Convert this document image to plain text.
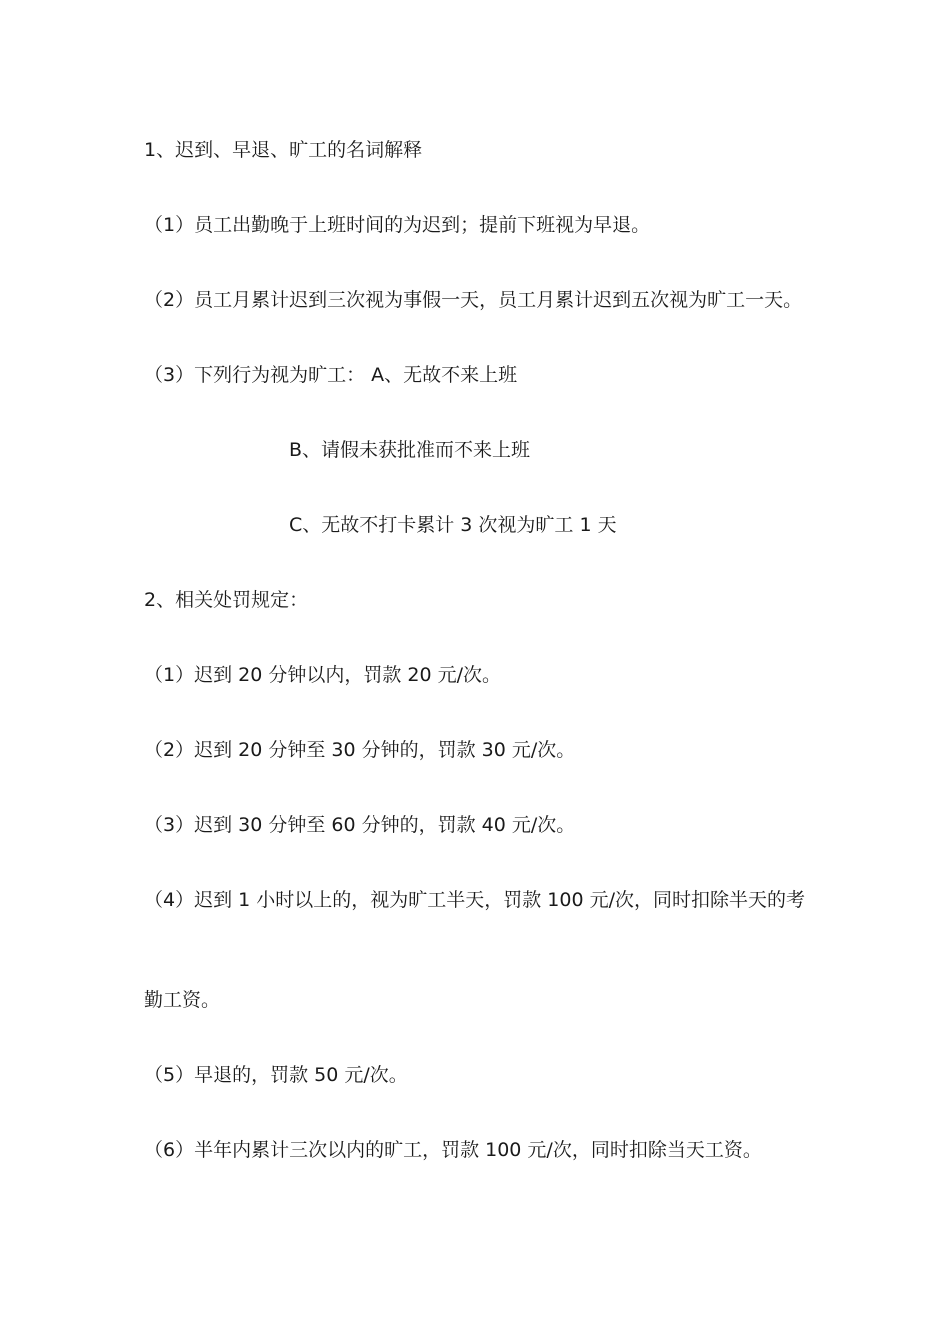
1、迟到、早退、旷工的名词解释
（1）员工出勤晚于上班时间的为迟到；提前下班视为早退。
（2）员工月累计迟到三次视为事假一天，员工月累计迟到五次视为旷工一天。
（3）下列行为视为旷工： A、无故不来上班
B、请假未获批准而不来上班
C、无故不打卡累计 3 次视为旷工 1 天
2、相关处罚规定：
（1）迟到 20 分钟以内，罚款 20 元/次。
（2）迟到 20 分钟至 30 分钟的，罚款 30 元/次。
（3）迟到 30 分钟至 60 分钟的，罚款 40 元/次。
（4）迟到 1 小时以上的，视为旷工半天，罚款 100 元/次，同时扣除半天的考
勤工资。
（5）早退的，罚款 50 元/次。
（6）半年内累计三次以内的旷工，罚款 100 元/次，同时扣除当天工资。
